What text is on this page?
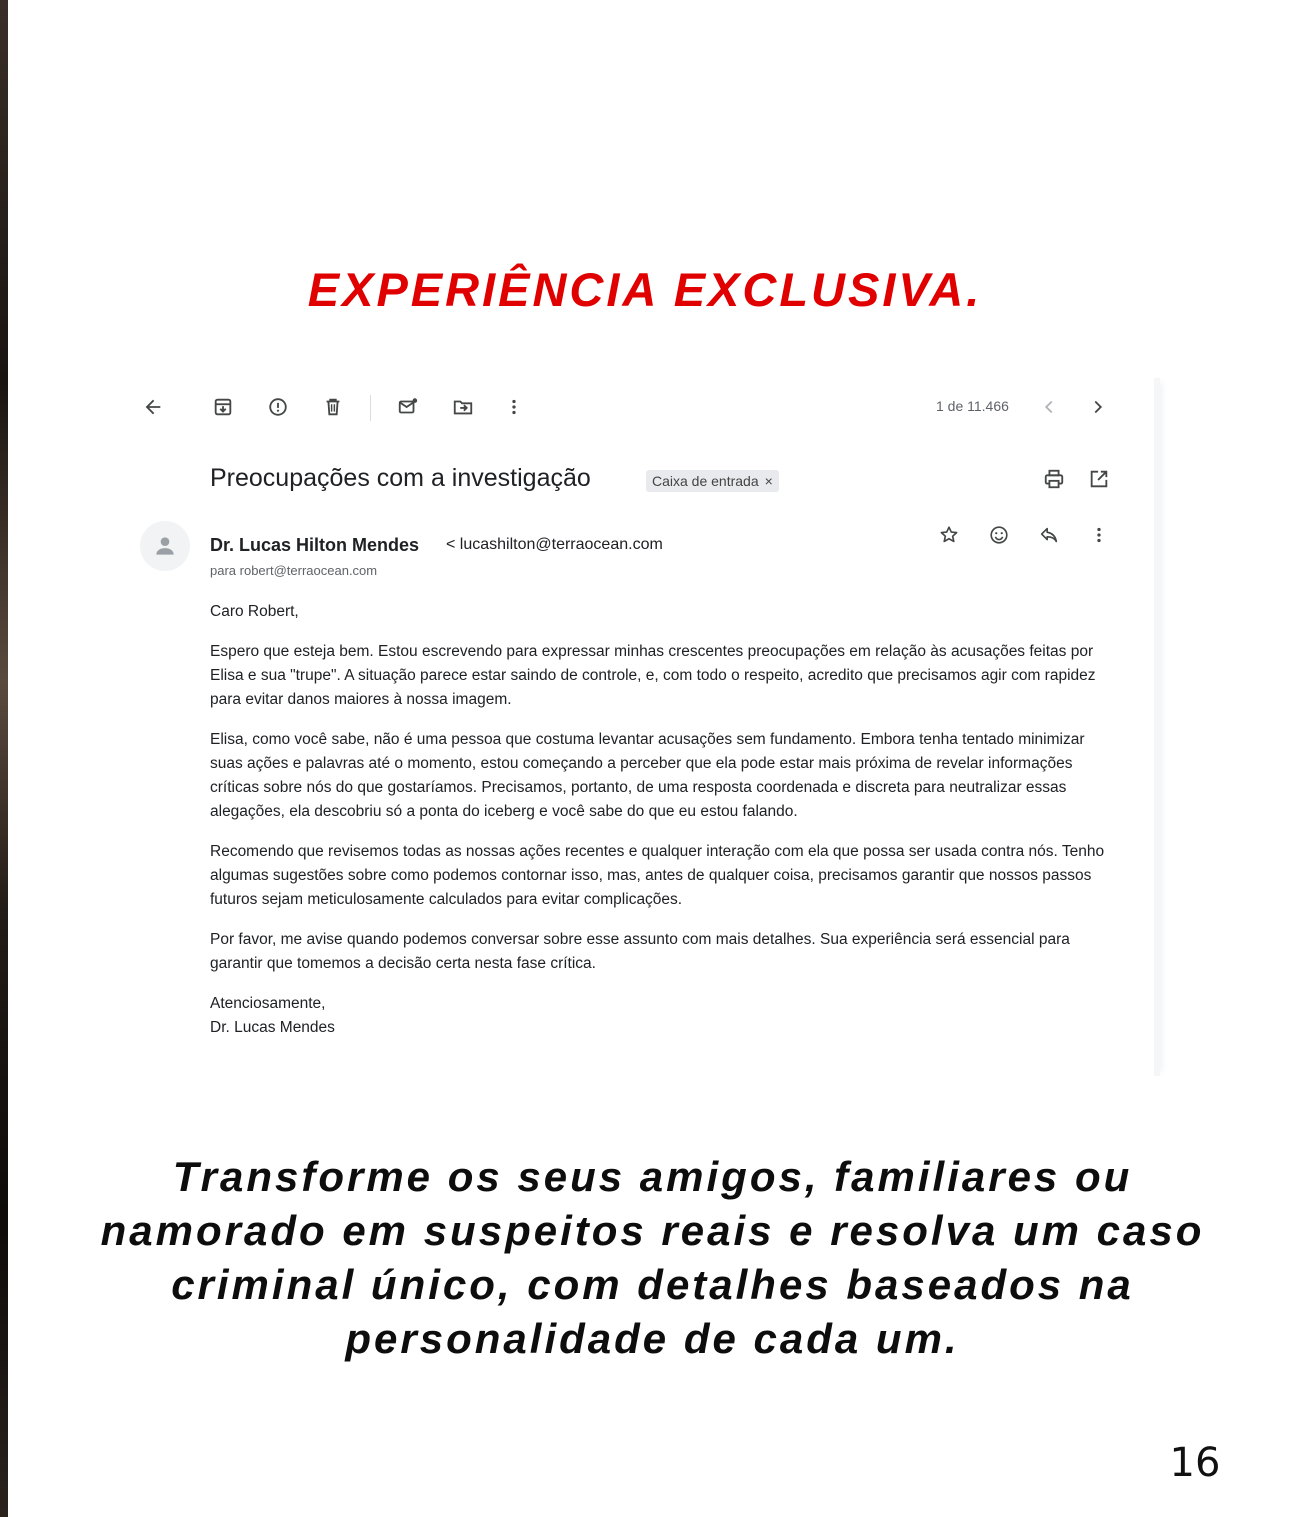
EXPERIÊNCIA EXCLUSIVA.
1 de 11.466
Preocupações com a investigação	Caixa de entrada ×
Dr. Lucas Hilton Mendes < lucashilton@terraocean.com
para robert@terraocean.com

Caro Robert,

Espero que esteja bem. Estou escrevendo para expressar minhas crescentes preocupações em relação às acusações feitas por Elisa e sua "trupe". A situação parece estar saindo de controle, e, com todo o respeito, acredito que precisamos agir com rapidez para evitar danos maiores à nossa imagem.

Elisa, como você sabe, não é uma pessoa que costuma levantar acusações sem fundamento. Embora tenha tentado minimizar suas ações e palavras até o momento, estou começando a perceber que ela pode estar mais próxima de revelar informações críticas sobre nós do que gostaríamos. Precisamos, portanto, de uma resposta coordenada e discreta para neutralizar essas alegações, ela descobriu só a ponta do iceberg e você sabe do que eu estou falando.

Recomendo que revisemos todas as nossas ações recentes e qualquer interação com ela que possa ser usada contra nós. Tenho algumas sugestões sobre como podemos contornar isso, mas, antes de qualquer coisa, precisamos garantir que nossos passos futuros sejam meticulosamente calculados para evitar complicações.

Por favor, me avise quando podemos conversar sobre esse assunto com mais detalhes. Sua experiência será essencial para garantir que tomemos a decisão certa nesta fase crítica.

Atenciosamente,

Dr. Lucas Mendes

Transforme os seus amigos, familiares ou namorado em suspeitos reais e resolva um caso criminal único, com detalhes baseados na personalidade de cada um.
16
